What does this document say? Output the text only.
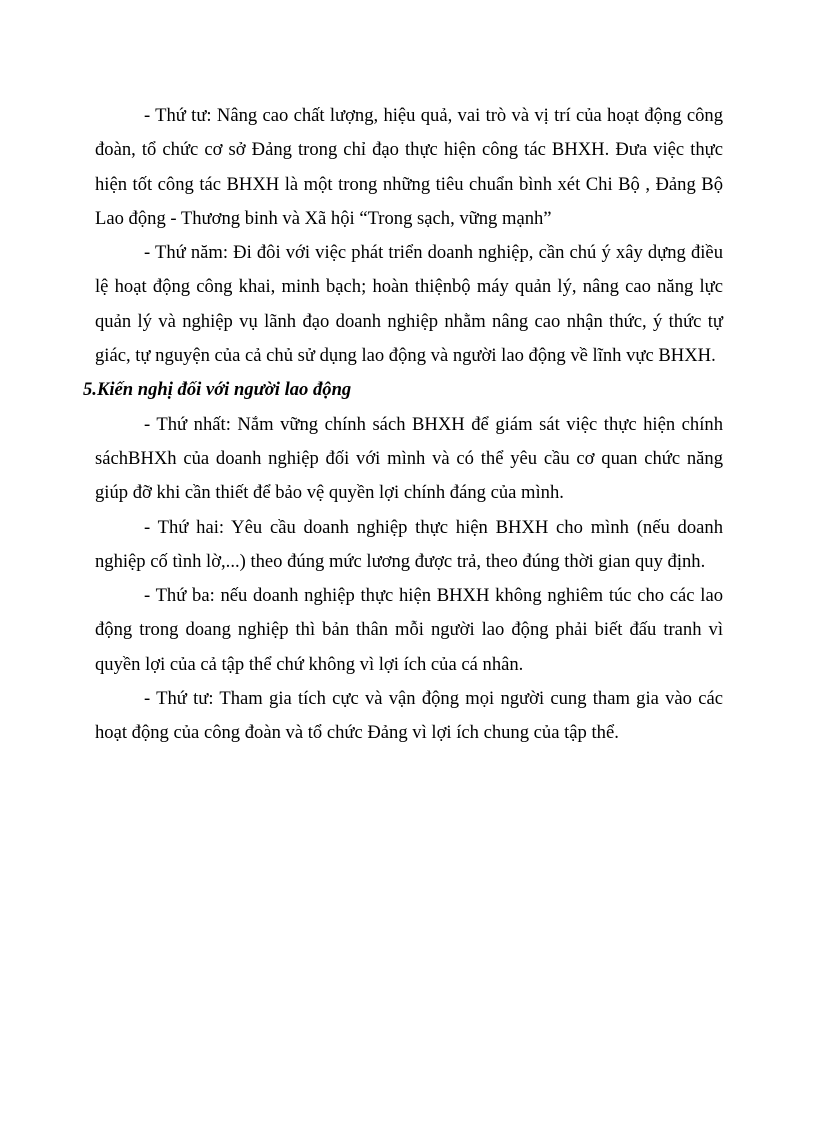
- Thứ tư: Nâng cao chất lượng, hiệu quả, vai trò và vị trí của hoạt động công đoàn, tổ chức cơ sở Đảng trong chỉ đạo thực hiện công tác BHXH. Đưa việc thực hiện tốt công tác BHXH là một trong những tiêu chuẩn bình xét Chi Bộ , Đảng Bộ Lao động - Thương binh và Xã hội “Trong sạch, vững mạnh”

- Thứ năm: Đi đôi với việc phát triển doanh nghiệp, cần chú ý xây dựng điều lệ hoạt động công khai, minh bạch; hoàn thiệnbộ máy quản lý, nâng cao năng lực quản lý và nghiệp vụ lãnh đạo doanh nghiệp nhằm nâng cao nhận thức, ý thức tự giác, tự nguyện của cả chủ sử dụng lao động và người lao động về lĩnh vực BHXH.

5.Kiến nghị đối với người lao động

- Thứ nhất: Nắm vững chính sách BHXH để giám sát việc thực hiện chính sáchBHXh của doanh nghiệp đối với mình và có thể yêu cầu cơ quan chức năng giúp đỡ khi cần thiết để bảo vệ quyền lợi chính đáng của mình.

- Thứ hai: Yêu cầu doanh nghiệp thực hiện BHXH cho mình (nếu doanh nghiệp cố tình lờ,...) theo đúng mức lương được trả, theo đúng thời gian quy định.

- Thứ ba: nếu doanh nghiệp thực hiện BHXH không nghiêm túc cho các lao động trong doang nghiệp thì bản thân mỗi người lao động phải biết đấu tranh vì quyền lợi của cả tập thể chứ không vì lợi ích của cá nhân.

- Thứ tư: Tham gia tích cực và vận động mọi người cung tham gia vào các hoạt động của công đoàn và tổ chức Đảng vì lợi ích chung của tập thể.
